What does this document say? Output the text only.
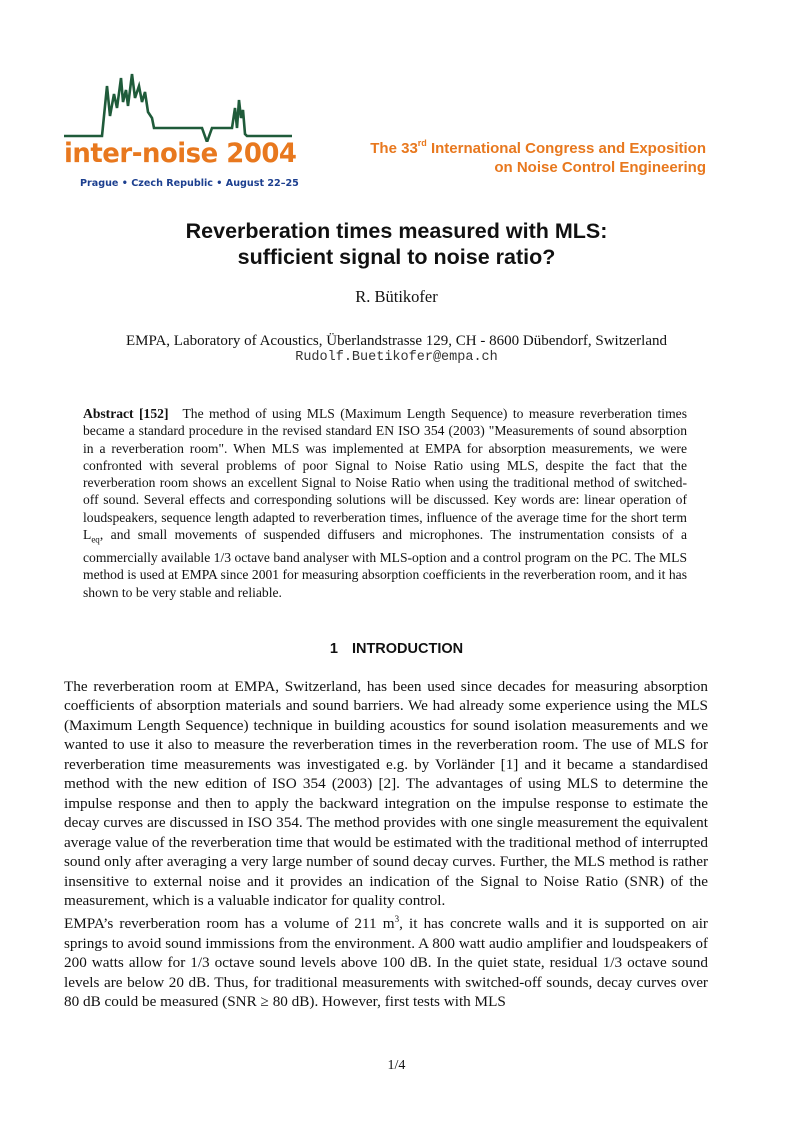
inter-noise 2004
Prague • Czech Republic • August 22–25
The 33rd International Congress and Exposition
on Noise Control Engineering
Reverberation times measured with MLS:
sufficient signal to noise ratio?
R. Bütikofer
EMPA, Laboratory of Acoustics, Überlandstrasse 129, CH - 8600 Dübendorf, Switzerland
Rudolf.Buetikofer@empa.ch
Abstract [152] The method of using MLS (Maximum Length Sequence) to measure reverberation times became a standard procedure in the revised standard EN ISO 354 (2003) "Measurements of sound absorption in a reverberation room". When MLS was implemented at EMPA for absorption measurements, we were confronted with several problems of poor Signal to Noise Ratio using MLS, despite the fact that the reverberation room shows an excellent Signal to Noise Ratio when using the traditional method of switched-off sound. Several effects and corresponding solutions will be discussed. Key words are: linear operation of loudspeakers, sequence length adapted to reverberation times, influence of the average time for the short term $L_{eq}$, and small movements of suspended diffusers and microphones. The instrumentation consists of a commercially available 1/3 octave band analyser with MLS-option and a control program on the PC. The MLS method is used at EMPA since 2001 for measuring absorption coefficients in the reverberation room, and it has shown to be very stable and reliable.
1 INTRODUCTION

The reverberation room at EMPA, Switzerland, has been used since decades for measuring absorption coefficients of absorption materials and sound barriers. We had already some experience using the MLS (Maximum Length Sequence) technique in building acoustics for sound isolation measurements and we wanted to use it also to measure the reverberation times in the reverberation room. The use of MLS for reverberation time measurements was investigated e.g. by Vorländer [1] and it became a standardised method with the new edition of ISO 354 (2003) [2]. The advantages of using MLS to determine the impulse response and then to apply the backward integration on the impulse response to estimate the decay curves are discussed in ISO 354. The method provides with one single measurement the equivalent average value of the reverberation time that would be estimated with the traditional method of interrupted sound only after averaging a very large number of sound decay curves. Further, the MLS method is rather insensitive to external noise and it provides an indication of the Signal to Noise Ratio (SNR) of the measurement, which is a valuable indicator for quality control.

EMPA’s reverberation room has a volume of 211 $m^3$, it has concrete walls and it is supported on air springs to avoid sound immissions from the environment. A 800 watt audio amplifier and loudspeakers of 200 watts allow for 1/3 octave sound levels above 100 dB. In the quiet state, residual 1/3 octave sound levels are below 20 dB. Thus, for traditional measurements with switched-off sounds, decay curves over 80 dB could be measured (SNR ≥ 80 dB). However, first tests with MLS

1/4
